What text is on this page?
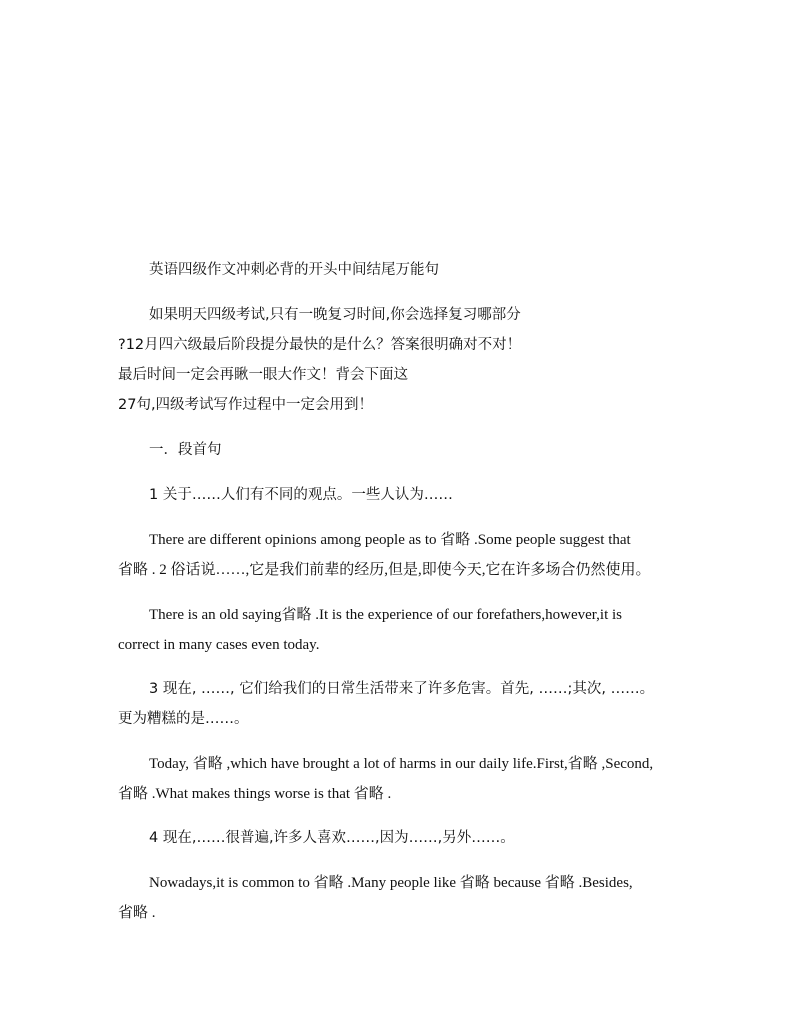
英语四级作文冲刺必背的开头中间结尾万能句

如果明天四级考试,只有一晚复习时间,你会选择复习哪部分

?12月四六级最后阶段提分最快的是什么？答案很明确对不对！

最后时间一定会再瞅一眼大作文！背会下面这

27句,四级考试写作过程中一定会用到！

一．段首句

1 关于……人们有不同的观点。一些人认为……

There are different opinions among people as to 省略 .Some people suggest that

省略 . 2 俗话说……,它是我们前辈的经历,但是,即使今天,它在许多场合仍然使用。

There is an old saying省略 .It is the experience of our forefathers,however,it is

correct in many cases even today.

3 现在, ……, 它们给我们的日常生活带来了许多危害。首先, ……;其次, ……。

更为糟糕的是……。

Today, 省略 ,which have brought a lot of harms in our daily life.First,省略 ,Second,

省略 .What makes things worse is that 省略 .

4 现在,……很普遍,许多人喜欢……,因为……,另外……。

Nowadays,it is common to 省略 .Many people like 省略 because 省略 .Besides,

省略 .
